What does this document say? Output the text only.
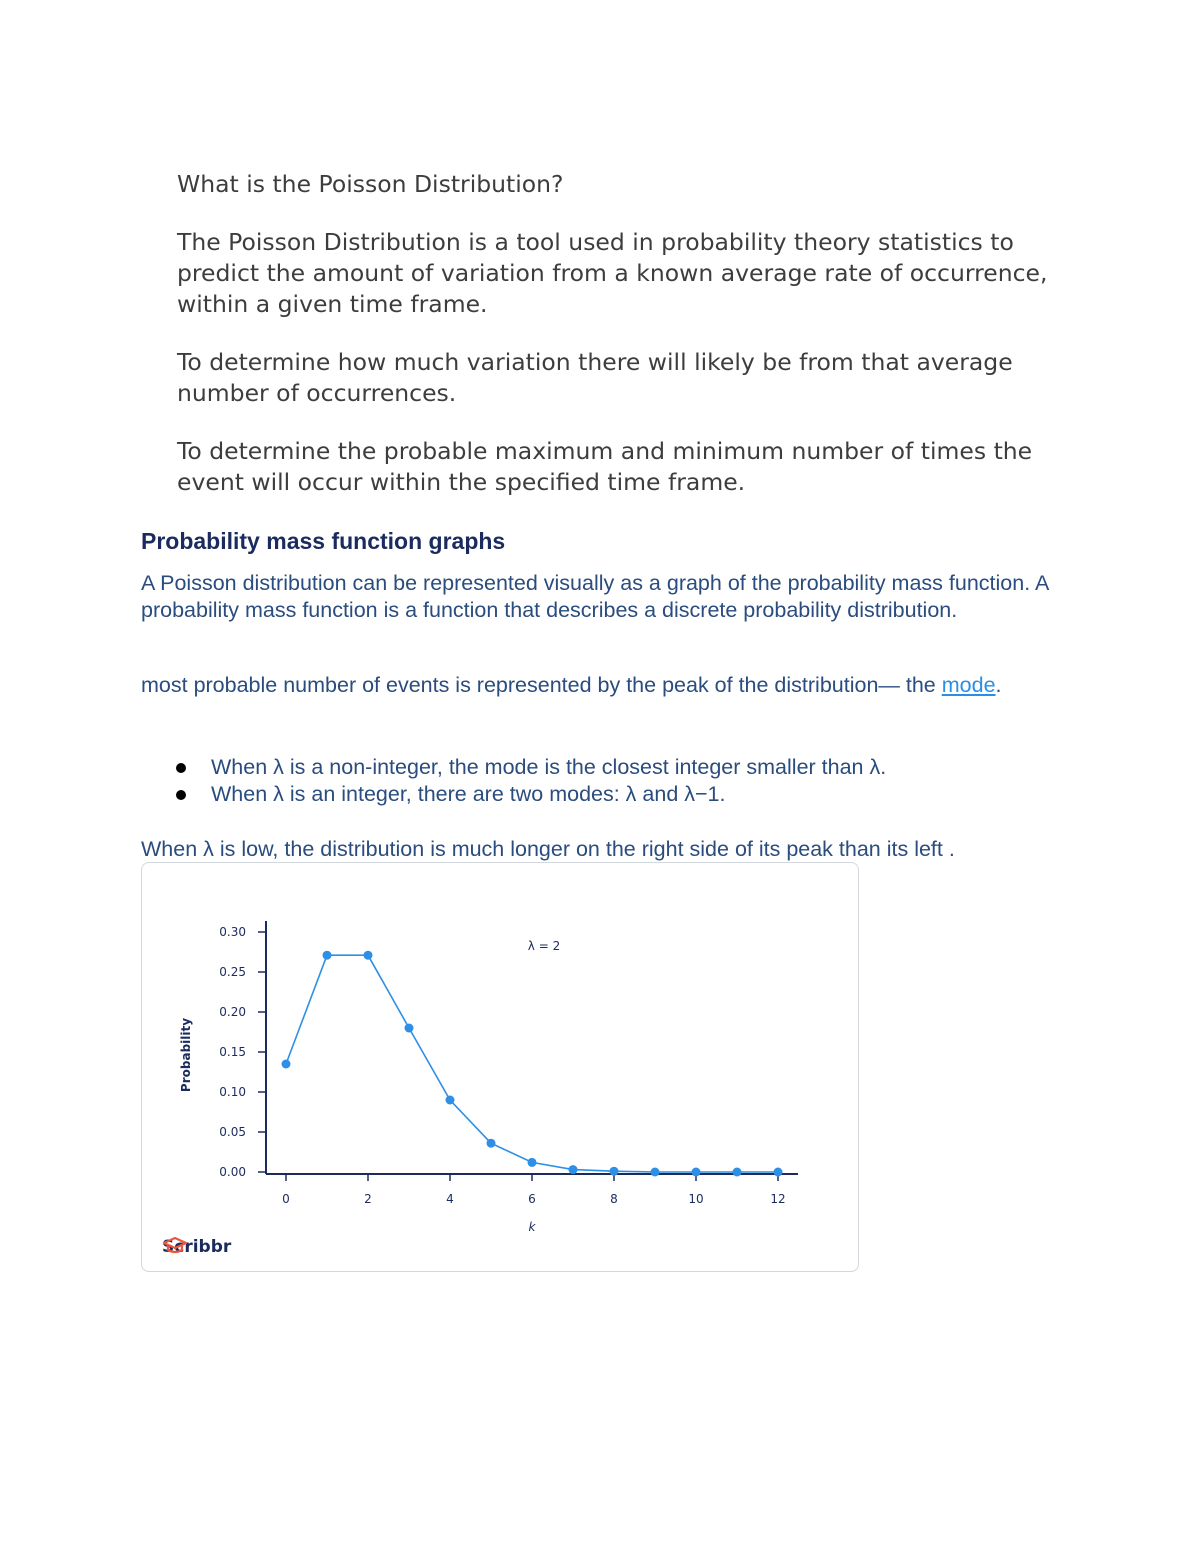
What is the Poisson Distribution?

The Poisson Distribution is a tool used in probability theory statistics to predict the amount of variation from a known average rate of occurrence, within a given time frame.

To determine how much variation there will likely be from that average number of occurrences.

To determine the probable maximum and minimum number of times the event will occur within the specified time frame.

Probability mass function graphs

A Poisson distribution can be represented visually as a graph of the probability mass function. A probability mass function is a function that describes a discrete probability distribution.

most probable number of events is represented by the peak of the distribution— the mode.

When λ is a non-integer, the mode is the closest integer smaller than λ.
When λ is an integer, there are two modes: λ and λ−1.

When λ is low, the distribution is much longer on the right side of its peak than its left .

0.00
0.05
0.10
0.15
0.20
0.25
0.30
0	2	4	6	8	10	12
k
Probability
λ = 2
Scribbr
